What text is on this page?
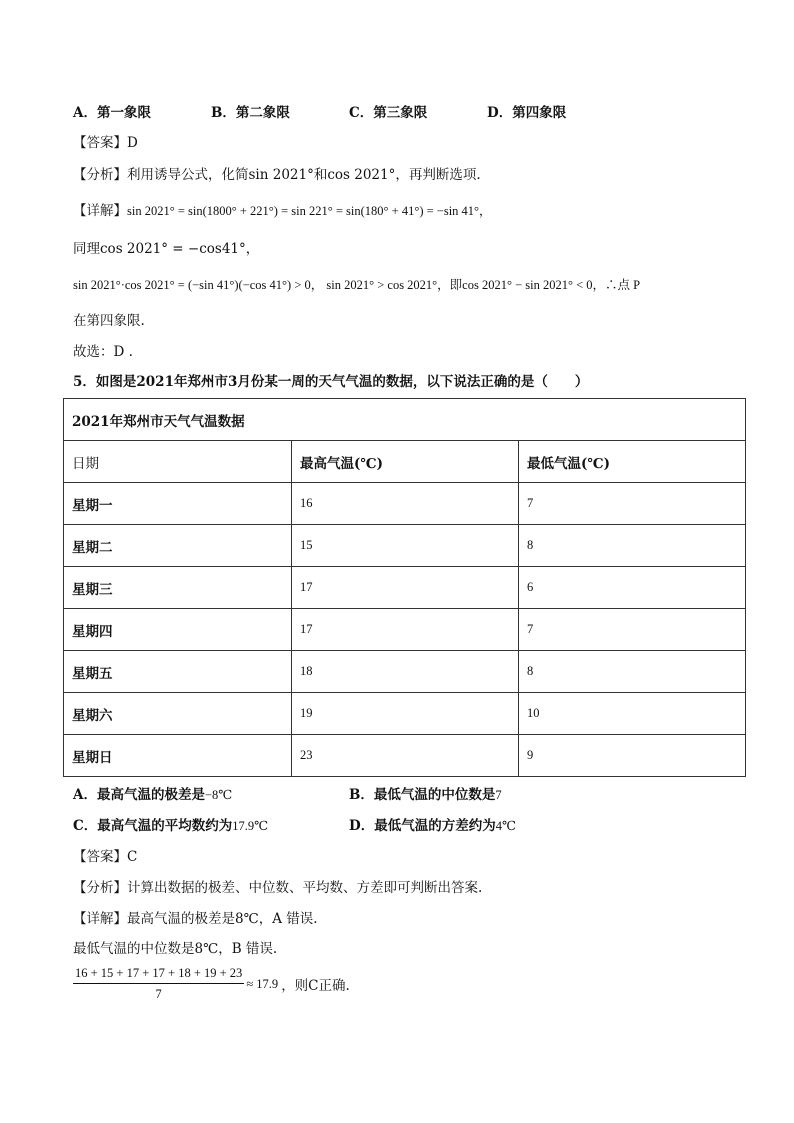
A．第一象限	B．第二象限	C．第三象限	D．第四象限
【答案】D
【分析】利用诱导公式，化简sin 2021°和cos 2021°，再判断选项.
【详解】sin 2021° = sin(1800° + 221°) = sin 221° = sin(180° + 41°) = −sin 41°，
同理cos 2021° = −cos41°，
sin 2021°·cos 2021° = (−sin 41°)(−cos 41°) > 0， sin 2021° > cos 2021°，即cos 2021° − sin 2021° < 0，∴点 P
在第四象限.
故选：D .
5．如图是2021年郑州市3月份某一周的天气气温的数据，以下说法正确的是（　　）
2021年郑州市天气气温数据		
日期	最高气温(℃)	最低气温(℃)
星期一	16	7
星期二	15	8
星期三	17	6
星期四	17	7
星期五	18	8
星期六	19	10
星期日	23	9
A．最高气温的极差是−8℃	B．最低气温的中位数是7
C．最高气温的平均数约为17.9℃	D．最低气温的方差约为4℃
【答案】C
【分析】计算出数据的极差、中位数、平均数、方差即可判断出答案.
【详解】最高气温的极差是8℃，A 错误.
最低气温的中位数是8℃，B 错误.
$\frac{16 + 15 + 17 + 17 + 18 + 19 + 23}{7} \approx 17.9$ ，则C正确.
